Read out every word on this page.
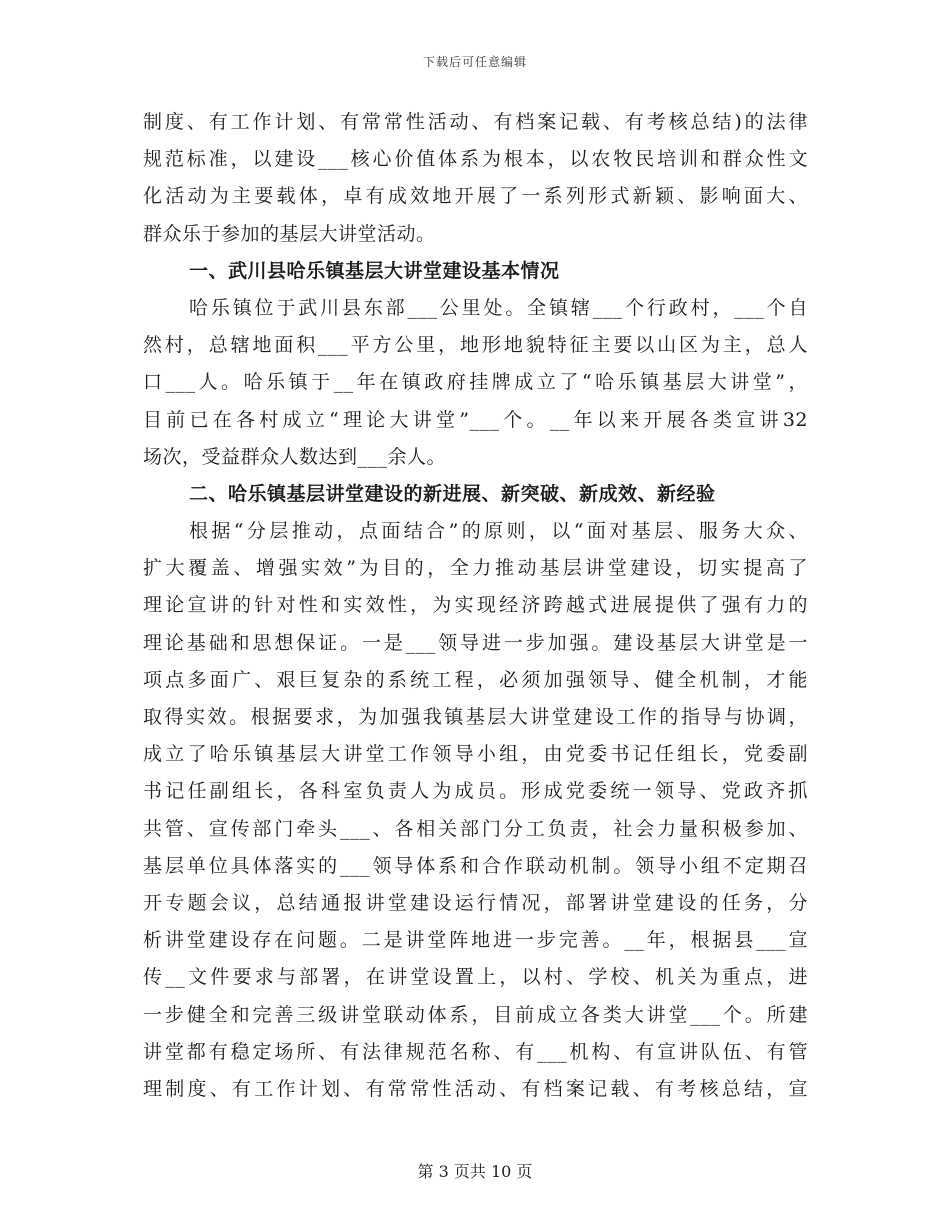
下载后可任意编辑
制度、有工作计划、有常常性活动、有档案记载、有考核总结)的法律
规范标准，以建设___核心价值体系为根本，以农牧民培训和群众性文
化活动为主要载体，卓有成效地开展了一系列形式新颖、影响面大、
群众乐于参加的基层大讲堂活动。
一、武川县哈乐镇基层大讲堂建设基本情况
哈乐镇位于武川县东部___公里处。全镇辖___个行政村，___个自
然村，总辖地面积___平方公里，地形地貌特征主要以山区为主，总人
口___人。哈乐镇于__年在镇政府挂牌成立了“哈乐镇基层大讲堂”，
目前已在各村成立“理论大讲堂”___个。__年以来开展各类宣讲32
场次，受益群众人数达到___余人。
二、哈乐镇基层讲堂建设的新进展、新突破、新成效、新经验
根据“分层推动，点面结合”的原则，以“面对基层、服务大众、
扩大覆盖、增强实效”为目的，全力推动基层讲堂建设，切实提高了
理论宣讲的针对性和实效性，为实现经济跨越式进展提供了强有力的
理论基础和思想保证。一是___领导进一步加强。建设基层大讲堂是一
项点多面广、艰巨复杂的系统工程，必须加强领导、健全机制，才能
取得实效。根据要求，为加强我镇基层大讲堂建设工作的指导与协调，
成立了哈乐镇基层大讲堂工作领导小组，由党委书记任组长，党委副
书记任副组长，各科室负责人为成员。形成党委统一领导、党政齐抓
共管、宣传部门牵头___、各相关部门分工负责，社会力量积极参加、
基层单位具体落实的___领导体系和合作联动机制。领导小组不定期召
开专题会议，总结通报讲堂建设运行情况，部署讲堂建设的任务，分
析讲堂建设存在问题。二是讲堂阵地进一步完善。__年，根据县___宣
传__文件要求与部署，在讲堂设置上，以村、学校、机关为重点，进
一步健全和完善三级讲堂联动体系，目前成立各类大讲堂___个。所建
讲堂都有稳定场所、有法律规范名称、有___机构、有宣讲队伍、有管
理制度、有工作计划、有常常性活动、有档案记载、有考核总结，宣
第 3 页共 10 页
